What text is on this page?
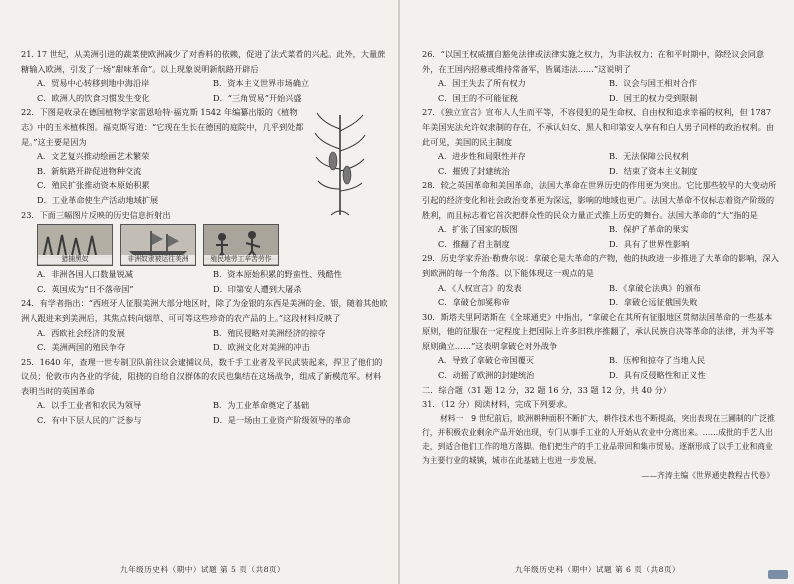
21. 17 世纪，从美洲引进的蔬菜使欧洲减少了对香料的依赖，促进了法式菜肴的兴起。此外，大量蔗糖输入欧洲，引发了一场“甜味革命”。以上现象说明新航路开辟后
A．贸易中心转移到地中海沿岸	B．资本主义世界市场确立
C．欧洲人的饮食习惯发生变化	D．“三角贸易”开始兴盛
22．下图是收录在德国植物学家雷恩哈特·福克斯 1542 年编纂出版的《植物志》中的玉米植株图。福克斯写道：“它现在生长在德国的庭院中，几乎到处都是。”这主要是因为
A．文艺复兴推动绘画艺术繁荣
B．新航路开辟促进物种交流
C．殖民扩张推动资本原始积累
D．工业革命使生产活动地域扩展
23．下面三幅图片反映的历史信息折射出
猎捕黑奴	非洲奴隶被运往美洲	殖民地劳工辛苦劳作
A．非洲各国人口数量锐减	B．资本原始积累的野蛮性、残酷性
C．英国成为“日不落帝国”	D．印第安人遭到大屠杀
24．有学者指出：“西班牙人征服美洲大部分地区时，除了为金银的东西是美洲的金、银，随着其他欧洲人跟进来到美洲后，其焦点转向烟草、可可等这些珍奇的农产品的上。”这段材料反映了
A．西欧社会经济的发展	B．殖民侵略对美洲经济的掠夺
C．美洲两国的殖民争夺	D．欧洲文化对美洲的冲击
25．1640 年，查理一世专制卫队前往议会逮捕议员，数千手工业者及平民武装起来，捍卫了他们的议员；伦敦市内各业的学徒，阻挠的自给自汉群体的农民也集结在这场战争，组成了新模范军。材料表明当时的英国革命
A．以手工业者和农民为领导	B．为工业革命奠定了基础
C．有中下层人民的广泛参与	D．是一场由工业资产阶级领导的革命
九年级历史科（期中）试题 第 5 页（共8页）
26．“以国王权威擅自豁免法律或法律实施之权力，为非法权力；在和平时期中，除经议会同意外，在王国内招募或维持常备军，皆属违法……”这说明了
A．国王失去了所有权力	B．议会与国王相对合作
C．国王的不可能征税	D．国王的权力受到限制
27．《独立宣言》宣布人人生而平等，不容侵犯的是生命权、自由权和追求幸福的权利，但 1787 年美国宪法允许奴隶制的存在，不承认妇女、黑人和印第安人享有和白人男子同样的政治权利。由此可见，美国的民主制度
A．进步性和局限性并存	B．无法保障公民权利
C．摧毁了封建统治	D．结束了资本主义制度
28．较之英国革命和美国革命，法国大革命在世界历史的作用更为突出。它比那些较早的大变动所引起的经济变化和社会政治变革更为深远，影响的地域也更广。法国大革命不仅标志着资产阶级的胜利，而且标志着它首次把群众性的民众力量正式推上历史的舞台。法国大革命的“大”指的是
A．扩张了国家的版图	B．保护了革命的果实
C．推翻了君主制度	D．具有了世界性影响
29．历史学家乔治·勒费尔说：拿破仑是大革命的产物，他的执政进一步推进了大革命的影响，深入到欧洲的每一个角落。以下能体现这一观点的是
A．《人权宣言》的发表	B．《拿破仑法典》的颁布
C．拿破仑加冕称帝	D．拿破仑远征俄国失败
30．斯塔夫里阿诺斯在《全球通史》中指出，“拿破仑在其所有征服地区贯彻法国革命的一些基本原则，他的征服在一定程度上把国际上许多旧秩序推翻了，承认民族自决等革命的法律，并为平等原则确立……”这表明拿破仑对外战争
A．导致了拿破仑帝国覆灭	B．压榨和掠夺了当地人民
C．动摇了欧洲的封建统治	D．具有反侵略性和正义性
二．综合题（31 题 12 分，32 题 16 分，33 题 12 分，共 40 分）
31．（12 分）阅读材料，完成下列要求。
材料一　9 世纪前后，欧洲耕种面积不断扩大，耕作技术也不断提高，突出表现在三圃制的广泛推行，并积极农业剩余产品开始出现，专门从事手工业的人开始从农业中分离出来。……成批的手艺人出走，到适合他们工作的地方落脚。他们把生产的手工业品带回和集市贸易。逐渐形成了以手工业和商业为主要行业的城镇，城市在此基础上也进一步发展。
——齐涛主编《世界通史教程古代卷》
九年级历史科（期中）试题 第 6 页（共8页）
